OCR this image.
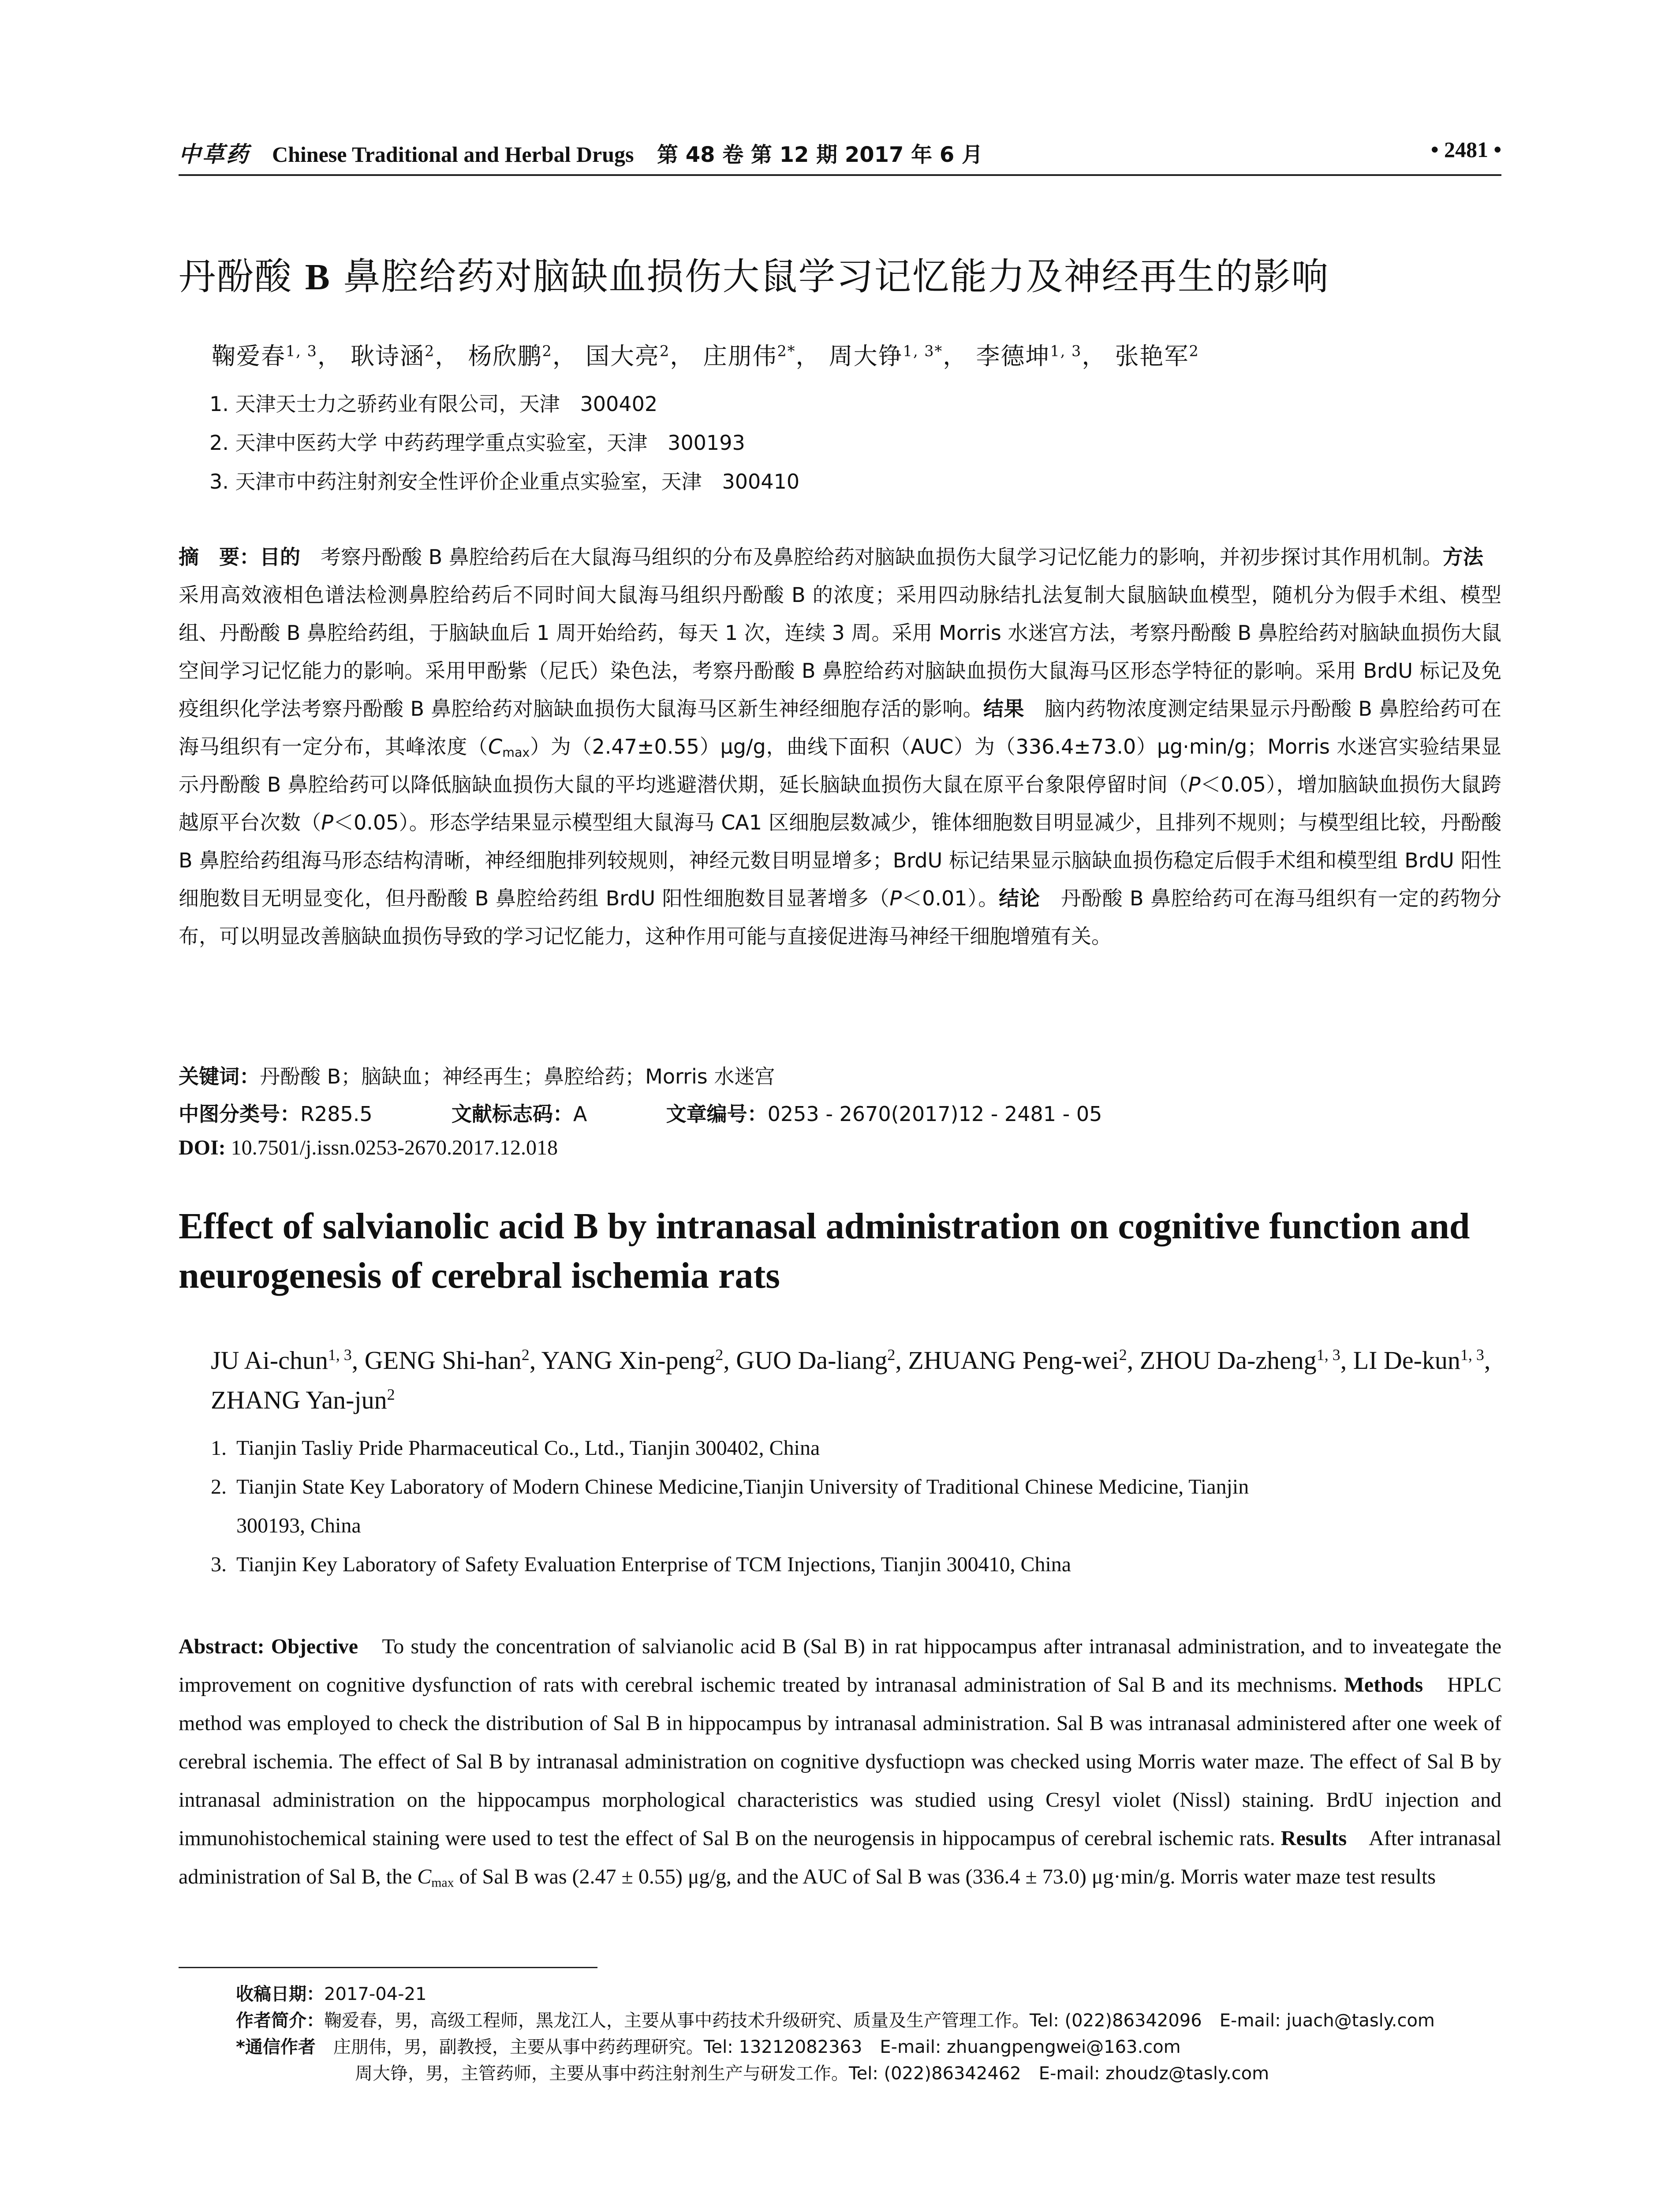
中草药 Chinese Traditional and Herbal Drugs 第 48 卷 第 12 期 2017 年 6 月	• 2481 •
丹酚酸 B 鼻腔给药对脑缺血损伤大鼠学习记忆能力及神经再生的影响
鞠爱春$^{1, 3}$， 耿诗涵$^2$， 杨欣鹏$^2$， 国大亮$^2$， 庄朋伟$^{2*}$， 周大铮$^{1, 3*}$， 李德坤$^{1, 3}$， 张艳军$^2$
1. 天津天士力之骄药业有限公司，天津　300402
2. 天津中医药大学 中药药理学重点实验室，天津　300193
3. 天津市中药注射剂安全性评价企业重点实验室，天津　300410
摘　要：目的　考察丹酚酸 B 鼻腔给药后在大鼠海马组织的分布及鼻腔给药对脑缺血损伤大鼠学习记忆能力的影响，并初步探讨其作用机制。方法　采用高效液相色谱法检测鼻腔给药后不同时间大鼠海马组织丹酚酸 B 的浓度；采用四动脉结扎法复制大鼠脑缺血模型，随机分为假手术组、模型组、丹酚酸 B 鼻腔给药组，于脑缺血后 1 周开始给药，每天 1 次，连续 3 周。采用 Morris 水迷宫方法，考察丹酚酸 B 鼻腔给药对脑缺血损伤大鼠空间学习记忆能力的影响。采用甲酚紫（尼氏）染色法，考察丹酚酸 B 鼻腔给药对脑缺血损伤大鼠海马区形态学特征的影响。采用 BrdU 标记及免疫组织化学法考察丹酚酸 B 鼻腔给药对脑缺血损伤大鼠海马区新生神经细胞存活的影响。结果　脑内药物浓度测定结果显示丹酚酸 B 鼻腔给药可在海马组织有一定分布，其峰浓度$(C_{max})$为（2.47±0.55）μg/g，曲线下面积（AUC）为（336.4±73.0）μg·min/g；Morris 水迷宫实验结果显示丹酚酸 B 鼻腔给药可以降低脑缺血损伤大鼠的平均逃避潜伏期，延长脑缺血损伤大鼠在原平台象限停留时间（P＜0.05），增加脑缺血损伤大鼠跨越原平台次数（P＜0.05）。形态学结果显示模型组大鼠海马 CA1 区细胞层数减少，锥体细胞数目明显减少，且排列不规则；与模型组比较，丹酚酸 B 鼻腔给药组海马形态结构清晰，神经细胞排列较规则，神经元数目明显增多；BrdU 标记结果显示脑缺血损伤稳定后假手术组和模型组 BrdU 阳性细胞数目无明显变化，但丹酚酸 B 鼻腔给药组 BrdU 阳性细胞数目显著增多（P＜0.01）。结论　丹酚酸 B 鼻腔给药可在海马组织有一定的药物分布，可以明显改善脑缺血损伤导致的学习记忆能力，这种作用可能与直接促进海马神经干细胞增殖有关。
关键词：丹酚酸 B；脑缺血；神经再生；鼻腔给药；Morris 水迷宫
中图分类号：R285.5	文献标志码：A	文章编号：0253 - 2670(2017)12 - 2481 - 05
DOI: 10.7501/j.issn.0253-2670.2017.12.018
Effect of salvianolic acid B by intranasal administration on cognitive function and neurogenesis of cerebral ischemia rats
JU Ai-chun$^{1, 3}$, GENG Shi-han$^2$, YANG Xin-peng$^2$, GUO Da-liang$^2$, ZHUANG Peng-wei$^2$, ZHOU Da-zheng$^{1, 3}$, LI De-kun$^{1, 3}$, ZHANG Yan-jun$^2$
1. Tianjin Tasliy Pride Pharmaceutical Co., Ltd., Tianjin 300402, China
2. Tianjin State Key Laboratory of Modern Chinese Medicine,Tianjin University of Traditional Chinese Medicine, Tianjin
300193, China
3. Tianjin Key Laboratory of Safety Evaluation Enterprise of TCM Injections, Tianjin 300410, China
Abstract: Objective　To study the concentration of salvianolic acid B (Sal B) in rat hippocampus after intranasal administration, and to inveategate the improvement on cognitive dysfunction of rats with cerebral ischemic treated by intranasal administration of Sal B and its mechnisms. Methods　HPLC method was employed to check the distribution of Sal B in hippocampus by intranasal administration. Sal B was intranasal administered after one week of cerebral ischemia. The effect of Sal B by intranasal administration on cognitive dysfuctiopn was checked using Morris water maze. The effect of Sal B by intranasal administration on the hippocampus morphological characteristics was studied using Cresyl violet (Nissl) staining. BrdU injection and immunohistochemical staining were used to test the effect of Sal B on the neurogensis in hippocampus of cerebral ischemic rats. Results　After intranasal administration of Sal B, the $C_{max}$ of Sal B was (2.47 ± 0.55) μg/g, and the AUC of Sal B was (336.4 ± 73.0) μg·min/g. Morris water maze test results
收稿日期：2017-04-21
作者简介：鞠爱春，男，高级工程师，黑龙江人，主要从事中药技术升级研究、质量及生产管理工作。Tel: (022)86342096　E-mail: juach@tasly.com
*通信作者　庄朋伟，男，副教授，主要从事中药药理研究。Tel: 13212082363　E-mail: zhuangpengwei@163.com
周大铮，男，主管药师，主要从事中药注射剂生产与研发工作。Tel: (022)86342462　E-mail: zhoudz@tasly.com
